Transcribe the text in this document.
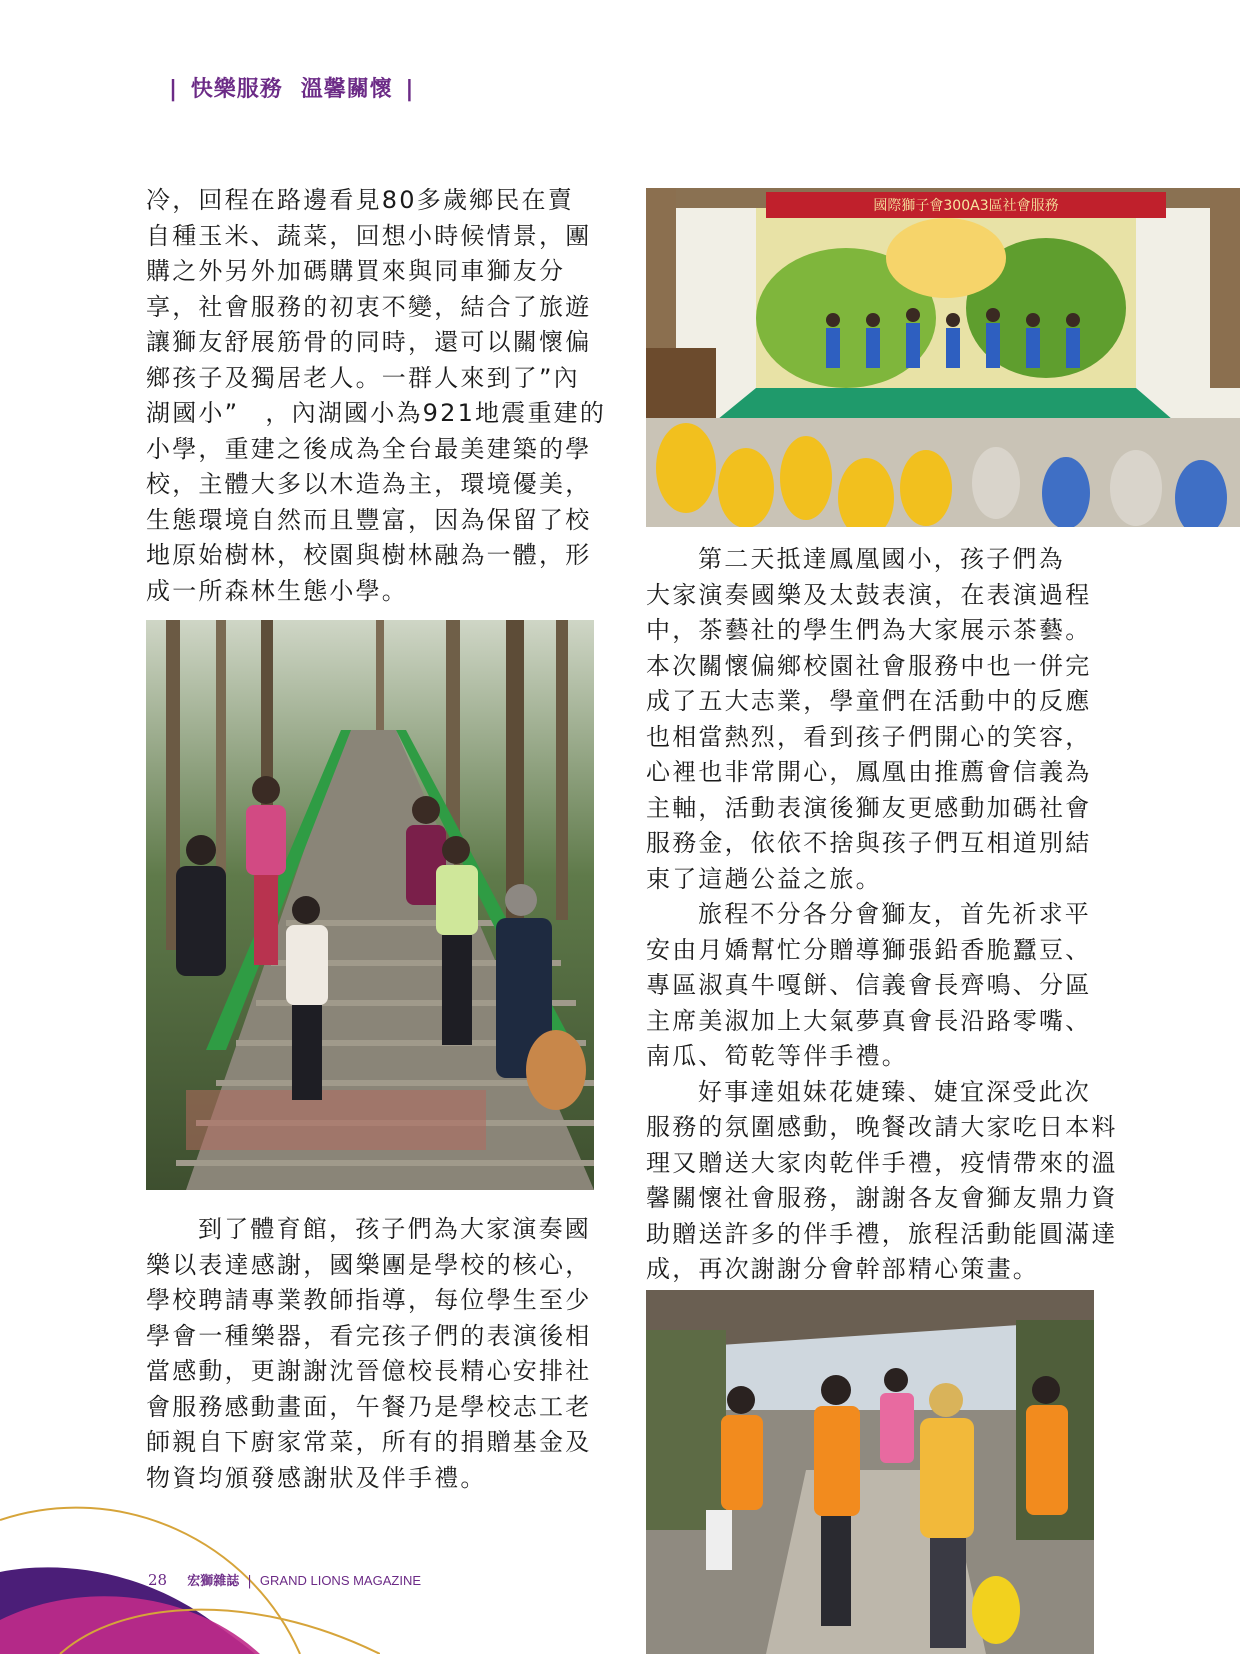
| 快樂服務 溫馨關懷 |
冷，回程在路邊看見80多歲鄉民在賣
自種玉米、蔬菜，回想小時候情景，團
購之外另外加碼購買來與同車獅友分
享，社會服務的初衷不變，結合了旅遊
讓獅友舒展筋骨的同時，還可以關懷偏
鄉孩子及獨居老人。一群人來到了”內
湖國小”　，內湖國小為921地震重建的
小學，重建之後成為全台最美建築的學
校，主體大多以木造為主，環境優美，
生態環境自然而且豐富，因為保留了校
地原始樹林，校園與樹林融為一體，形
成一所森林生態小學。
到了體育館，孩子們為大家演奏國
樂以表達感謝，國樂團是學校的核心，
學校聘請專業教師指導，每位學生至少
學會一種樂器，看完孩子們的表演後相
當感動，更謝謝沈晉億校長精心安排社
會服務感動畫面，午餐乃是學校志工老
師親自下廚家常菜，所有的捐贈基金及
物資均頒發感謝狀及伴手禮。
國際獅子會300A3區社會服務
第二天抵達鳳凰國小，孩子們為
大家演奏國樂及太鼓表演，在表演過程
中，茶藝社的學生們為大家展示茶藝。
本次關懷偏鄉校園社會服務中也一併完
成了五大志業，學童們在活動中的反應
也相當熱烈，看到孩子們開心的笑容，
心裡也非常開心，鳳凰由推薦會信義為
主軸，活動表演後獅友更感動加碼社會
服務金，依依不捨與孩子們互相道別結
束了這趟公益之旅。
旅程不分各分會獅友，首先祈求平
安由月嬌幫忙分贈導獅張鉛香脆蠶豆、
專區淑真牛嘎餅、信義會長齊鳴、分區
主席美淑加上大氣夢真會長沿路零嘴、
南瓜、筍乾等伴手禮。
好事達姐妹花婕臻、婕宜深受此次
服務的氛圍感動，晚餐改請大家吃日本料
理又贈送大家肉乾伴手禮，疫情帶來的溫
馨關懷社會服務，謝謝各友會獅友鼎力資
助贈送許多的伴手禮，旅程活動能圓滿達
成，再次謝謝分會幹部精心策畫。
28 宏獅雜誌 | GRAND LIONS MAGAZINE
